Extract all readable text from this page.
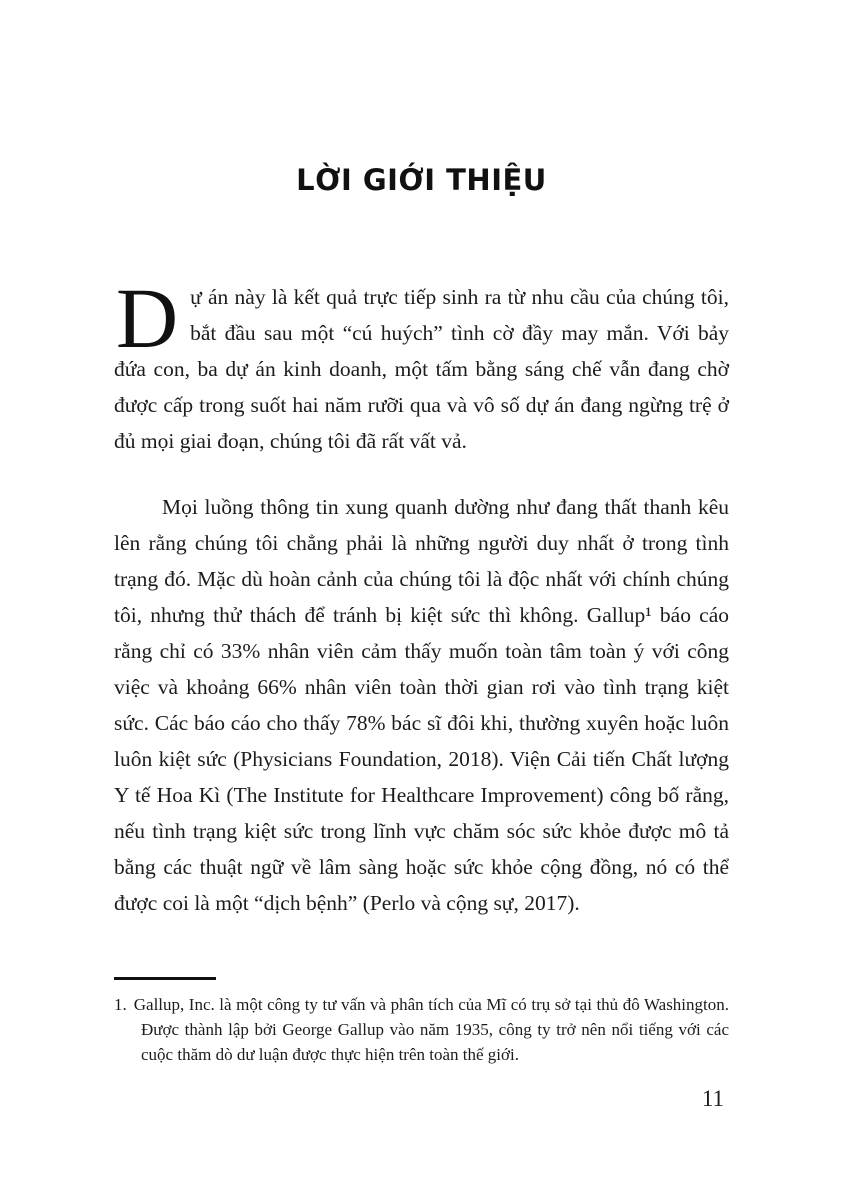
LỜI GIỚI THIỆU

Dự án này là kết quả trực tiếp sinh ra từ nhu cầu của chúng tôi, bắt đầu sau một “cú huých” tình cờ đầy may mắn. Với bảy đứa con, ba dự án kinh doanh, một tấm bằng sáng chế vẫn đang chờ được cấp trong suốt hai năm rưỡi qua và vô số dự án đang ngừng trệ ở đủ mọi giai đoạn, chúng tôi đã rất vất vả.

Mọi luồng thông tin xung quanh dường như đang thất thanh kêu lên rằng chúng tôi chẳng phải là những người duy nhất ở trong tình trạng đó. Mặc dù hoàn cảnh của chúng tôi là độc nhất với chính chúng tôi, nhưng thử thách để tránh bị kiệt sức thì không. Gallup¹ báo cáo rằng chỉ có 33% nhân viên cảm thấy muốn toàn tâm toàn ý với công việc và khoảng 66% nhân viên toàn thời gian rơi vào tình trạng kiệt sức. Các báo cáo cho thấy 78% bác sĩ đôi khi, thường xuyên hoặc luôn luôn kiệt sức (Physicians Foundation, 2018). Viện Cải tiến Chất lượng Y tế Hoa Kì (The Institute for Healthcare Improvement) công bố rằng, nếu tình trạng kiệt sức trong lĩnh vực chăm sóc sức khỏe được mô tả bằng các thuật ngữ về lâm sàng hoặc sức khỏe cộng đồng, nó có thể được coi là một “dịch bệnh” (Perlo và cộng sự, 2017).

1. Gallup, Inc. là một công ty tư vấn và phân tích của Mĩ có trụ sở tại thủ đô Washington. Được thành lập bởi George Gallup vào năm 1935, công ty trở nên nổi tiếng với các cuộc thăm dò dư luận được thực hiện trên toàn thế giới.

11
